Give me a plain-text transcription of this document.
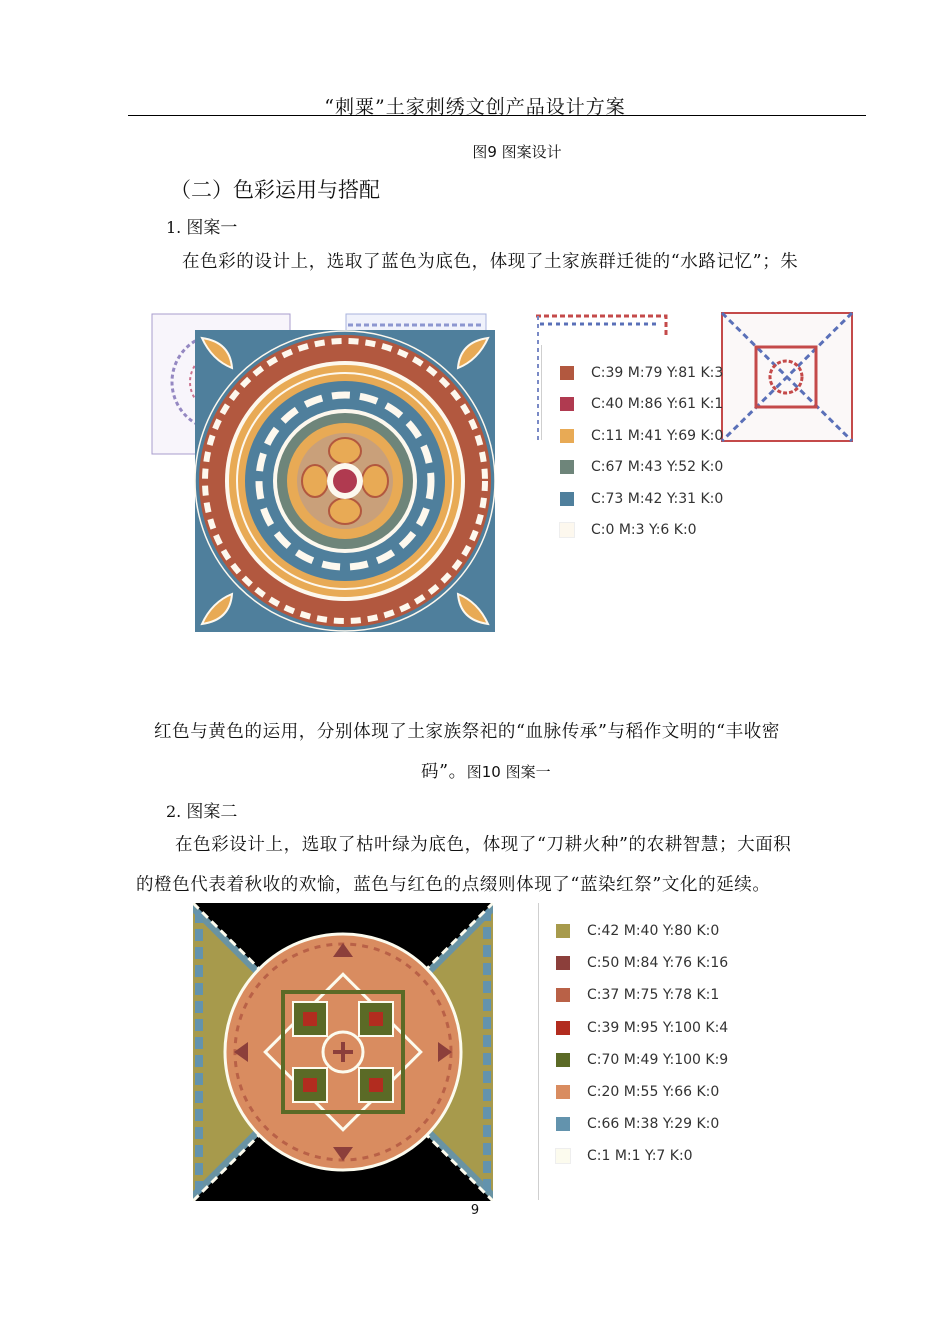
“刺粟”土家刺绣文创产品设计方案
图9 图案设计
（二）色彩运用与搭配
1. 图案一
在色彩的设计上，选取了蓝色为底色，体现了土家族群迁徙的“水路记忆”；朱
C:39 M:79 Y:81 K:3
C:40 M:86 Y:61 K:1
C:11 M:41 Y:69 K:0
C:67 M:43 Y:52 K:0
C:73 M:42 Y:31 K:0
C:0 M:3 Y:6 K:0
红色与黄色的运用，分别体现了土家族祭祀的“血脉传承”与稻作文明的“丰收密
码”。图10 图案一
2. 图案二
在色彩设计上，选取了枯叶绿为底色，体现了“刀耕火种”的农耕智慧；大面积
的橙色代表着秋收的欢愉，蓝色与红色的点缀则体现了“蓝染红祭”文化的延续。
C:42 M:40 Y:80 K:0
C:50 M:84 Y:76 K:16
C:37 M:75 Y:78 K:1
C:39 M:95 Y:100 K:4
C:70 M:49 Y:100 K:9
C:20 M:55 Y:66 K:0
C:66 M:38 Y:29 K:0
C:1 M:1 Y:7 K:0
9
